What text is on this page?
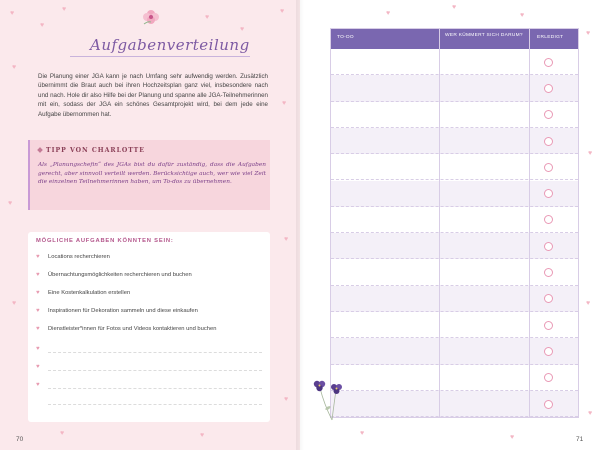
♥
♥
♥
♥
♥
♥
♥
♥
♥
♥
♥
♥
♥	♥
Aufgabenverteilung
Die Planung einer JGA kann je nach Umfang sehr aufwendig werden. Zusätzlich übernimmt die Braut auch bei ihren Hochzeitsplan ganz viel, insbesondere nach und nach. Hole dir also Hilfe bei der Planung und spanne alle JGA-Teilnehmerinnen mit ein, sodass der JGA ein schönes Gesamtprojekt wird, bei dem jede eine Aufgabe übernommen hat.
TIPP VON CHARLOTTE
Als „Planungschefin“ des JGAs bist du dafür zuständig, dass die Aufgaben gerecht, aber sinnvoll verteilt werden. Berücksichtige auch, wer wie viel Zeit die einzelnen Teilnehmerinnen haben, um To-dos zu übernehmen.
MÖGLICHE AUFGABEN KÖNNTEN SEIN:
♥ Locations recherchieren
♥ Übernachtungsmöglichkeiten recherchieren und buchen
♥ Eine Kostenkalkulation erstellen
♥ Inspirationen für Dekoration sammeln und diese einkaufen
♥ Dienstleister*innen für Fotos und Videos kontaktieren und buchen
♥
♥
♥
70
♥
♥
♥
♥
♥
♥
♥
♥
♥	71
TO-DO	WER KÜMMERT SICH DARUM?	ERLEDIGT
